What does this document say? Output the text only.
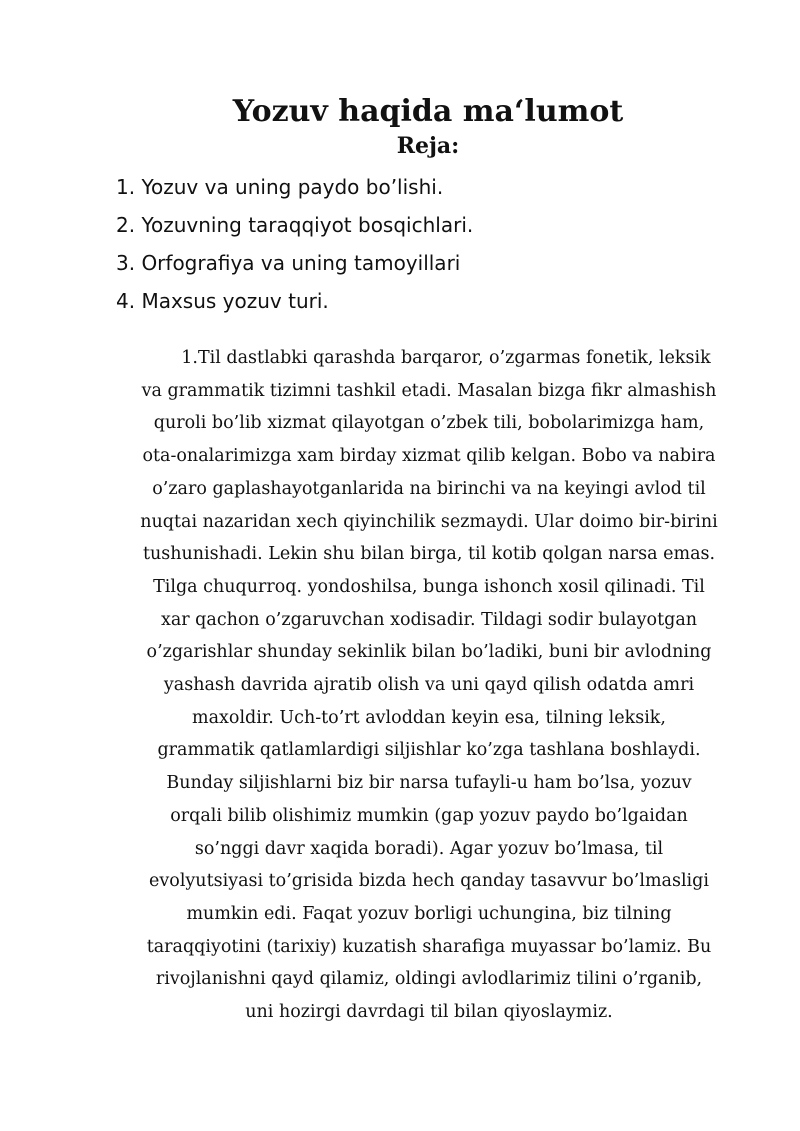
Yozuv haqida maʻlumot
Reja:
1. Yozuv va uning paydo bo’lishi.
2. Yozuvning taraqqiyot bosqichlari.
3. Orfografiya va uning tamoyillari
4. Maxsus yozuv turi.

1.Til dastlabki qarashda barqaror, o’zgarmas fonetik, leksik
va grammatik tizimni tashkil etadi. Masalan bizga fikr almashish
quroli bo’lib xizmat qilayotgan o’zbek tili, bobolarimizga ham,
ota-onalarimizga xam birday xizmat qilib kelgan. Bobo va nabira
o’zaro gaplashayotganlarida na birinchi va na keyingi avlod til
nuqtai nazaridan xech qiyinchilik sezmaydi. Ular doimo bir-birini
tushunishadi. Lekin shu bilan birga, til kotib qolgan narsa emas.
Tilga chuqurroq. yondoshilsa, bunga ishonch xosil qilinadi. Til
xar qachon o’zgaruvchan xodisadir. Tildagi sodir bulayotgan
o’zgarishlar shunday sekinlik bilan bo’ladiki, buni bir avlodning
yashash davrida ajratib olish va uni qayd qilish odatda amri
maxoldir. Uch-to’rt avloddan keyin esa, tilning leksik,
grammatik qatlamlardigi siljishlar ko’zga tashlana boshlaydi.
Bunday siljishlarni biz bir narsa tufayli-u ham bo’lsa, yozuv
orqali bilib olishimiz mumkin (gap yozuv paydo bo’lgaidan
so’nggi davr xaqida boradi). Agar yozuv bo’lmasa, til
evolyutsiyasi to’grisida bizda hech qanday tasavvur bo’lmasligi
mumkin edi. Faqat yozuv borligi uchungina, biz tilning
taraqqiyotini (tarixiy) kuzatish sharafiga muyassar bo’lamiz. Bu
rivojlanishni qayd qilamiz, oldingi avlodlarimiz tilini o’rganib,
uni hozirgi davrdagi til bilan qiyoslaymiz.
